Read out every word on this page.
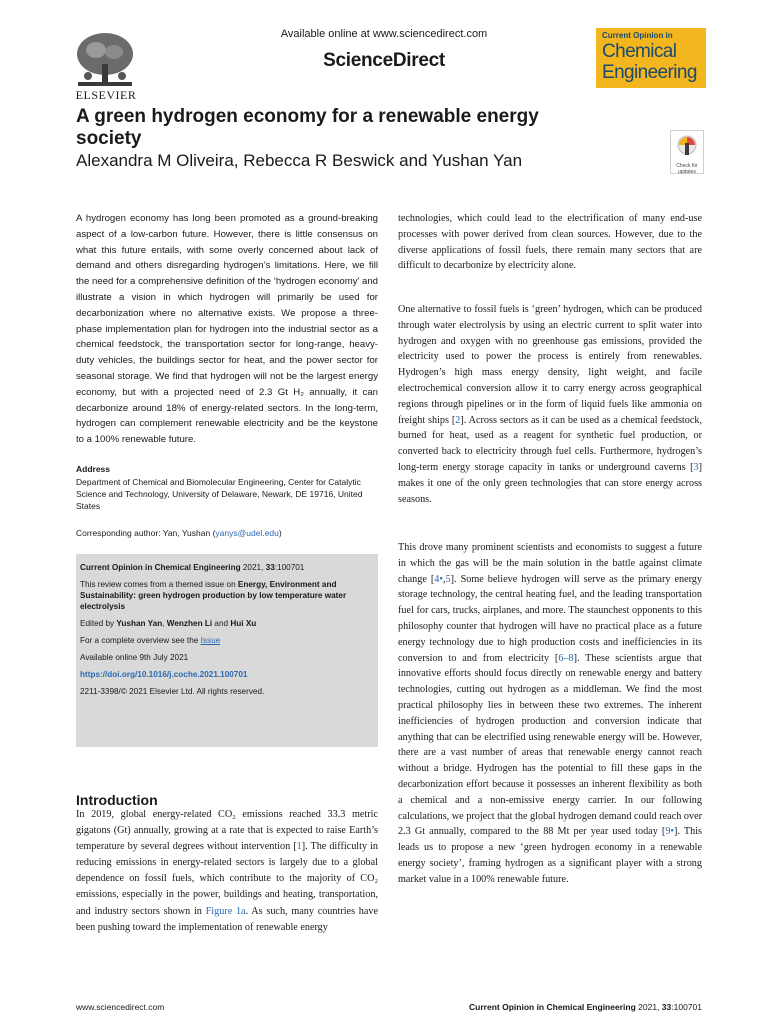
ELSEVIER
Available online at www.sciencedirect.com
ScienceDirect
Current Opinion in
Chemical
Engineering
A green hydrogen economy for a renewable energy society
Alexandra M Oliveira, Rebecca R Beswick and Yushan Yan	Check for updates
A hydrogen economy has long been promoted as a ground-breaking aspect of a low-carbon future. However, there is little consensus on what this future entails, with some overly concerned about lack of demand and others disregarding hydrogen’s limitations. Here, we fill the need for a comprehensive definition of the ‘hydrogen economy’ and illustrate a vision in which hydrogen will primarily be used for decarbonization where no alternative exists. We propose a three-phase implementation plan for hydrogen into the industrial sector as a chemical feedstock, the transportation sector for long-range, heavy-duty vehicles, the buildings sector for heat, and the power sector for seasonal storage. We find that hydrogen will not be the largest energy economy, but with a projected need of 2.3 Gt H₂ annually, it can decarbonize around 18% of energy-related sectors. In the long-term, hydrogen can complement renewable electricity and be the keystone to a 100% renewable future.
Address
Department of Chemical and Biomolecular Engineering, Center for Catalytic Science and Technology, University of Delaware, Newark, DE 19716, United States
Corresponding author: Yan, Yushan (yanys@udel.edu)

Current Opinion in Chemical Engineering 2021, 33:100701

This review comes from a themed issue on Energy, Environment and Sustainability: green hydrogen production by low temperature water electrolysis

Edited by Yushan Yan, Wenzhen Li and Hui Xu

For a complete overview see the Issue

Available online 9th July 2021

https://doi.org/10.1016/j.coche.2021.100701

2211-3398/© 2021 Elsevier Ltd. All rights reserved.

Introduction
In 2019, global energy-related CO₂ emissions reached 33.3 metric gigatons (Gt) annually, growing at a rate that is expected to raise Earth’s temperature by several degrees without intervention [1]. The difficulty in reducing emissions in energy-related sectors is largely due to a global dependence on fossil fuels, which contribute to the majority of CO₂ emissions, especially in the power, buildings and heating, transportation, and industry sectors shown in Figure 1a. As such, many countries have been pushing toward the implementation of renewable energy
technologies, which could lead to the electrification of many end-use processes with power derived from clean sources. However, due to the diverse applications of fossil fuels, there remain many sectors that are difficult to decarbonize by electricity alone.
One alternative to fossil fuels is ‘green’ hydrogen, which can be produced through water electrolysis by using an electric current to split water into hydrogen and oxygen with no greenhouse gas emissions, provided the electricity used to power the process is entirely from renewables. Hydrogen’s high mass energy density, light weight, and facile electrochemical conversion allow it to carry energy across geographical regions through pipelines or in the form of liquid fuels like ammonia on freight ships [2]. Across sectors as it can be used as a chemical feedstock, burned for heat, used as a reagent for synthetic fuel production, or converted back to electricity through fuel cells. Furthermore, hydrogen’s long-term energy storage capacity in tanks or underground caverns [3] makes it one of the only green technologies that can store energy across seasons.
This drove many prominent scientists and economists to suggest a future in which the gas will be the main solution in the battle against climate change [4•,5]. Some believe hydrogen will serve as the primary energy storage technology, the central heating fuel, and the leading transportation fuel for cars, trucks, airplanes, and more. The staunchest opponents to this philosophy counter that hydrogen will have no practical place as a future energy technology due to high production costs and inefficiencies in its conversion to and from electricity [6–8]. These scientists argue that innovative efforts should focus directly on renewable energy and battery technologies, cutting out hydrogen as a middleman. We find the most practical philosophy lies in between these two extremes. The inherent inefficiencies of hydrogen production and conversion indicate that anything that can be electrified using renewable energy will be. However, there are a vast number of areas that renewable energy cannot reach without a bridge. Hydrogen has the potential to fill these gaps in the decarbonization effort because it possesses an inherent flexibility as both a chemical and a non-emissive energy carrier. In our following calculations, we project that the global hydrogen demand could reach over 2.3 Gt annually, compared to the 88 Mt per year used today [9•]. This leads us to propose a new ‘green hydrogen economy in a renewable energy society’, framing hydrogen as a significant player with a strong market value in a 100% renewable future.
www.sciencedirect.com	Current Opinion in Chemical Engineering 2021, 33:100701
